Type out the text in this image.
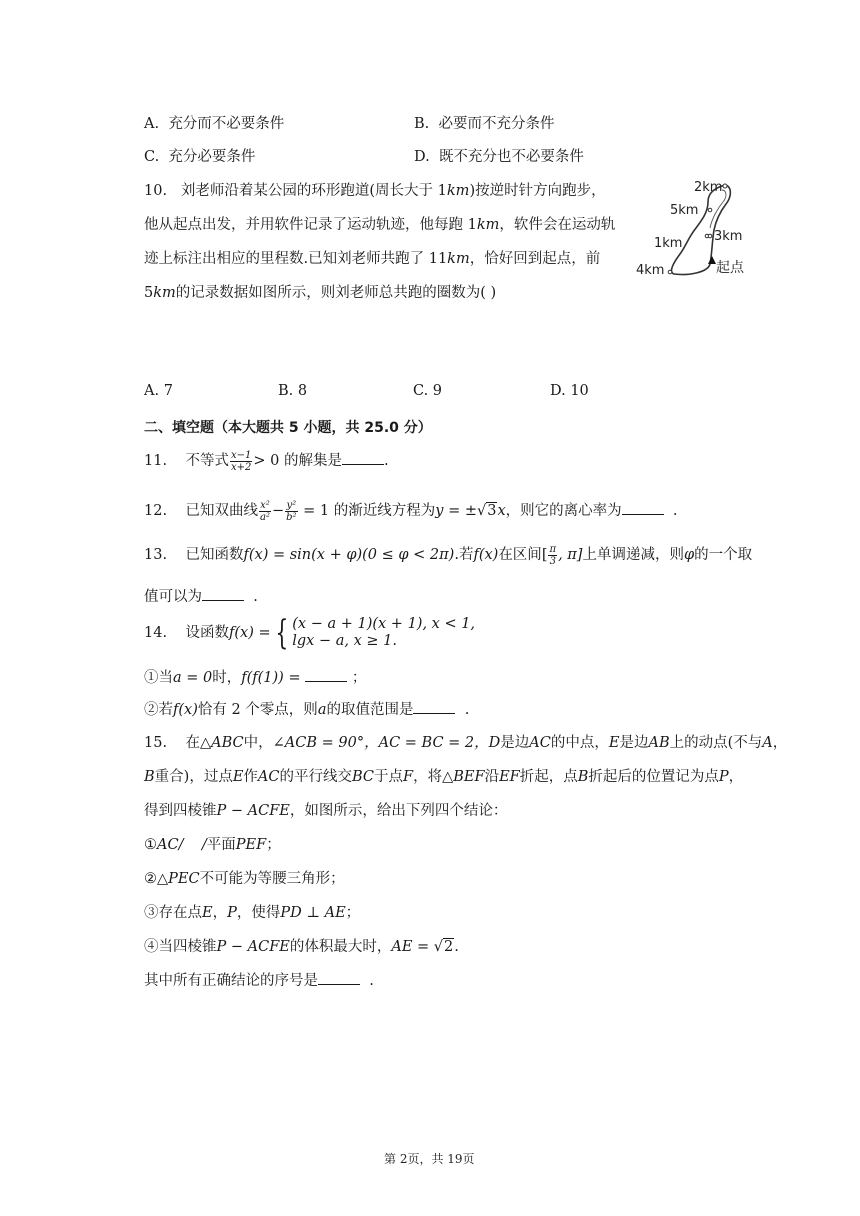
A. 充分而不必要条件	B. 必要而不充分条件
C. 充分必要条件	D. 既不充分也不必要条件
10. 刘老师沿着某公园的环形跑道(周长大于 1km)按逆时针方向跑步，
他从起点出发，并用软件记录了运动轨迹，他每跑 1km，软件会在运动轨
迹上标注出相应的里程数.已知刘老师共跑了 11km，恰好回到起点，前
5km的记录数据如图所示，则刘老师总共跑的圈数为( )
2km
5km
1km 3km
4km	起点
A. 7	B. 8	C. 9	D. 10
二、填空题（本大题共 5 小题，共 25.0 分）
11. 不等式 $\frac{x-1}{x+2} > 0$ 的解集是	.
12. 已知双曲线 $\frac{\text{x²}}{\text{a²}} - \frac{\text{y²}}{\text{b²}} = 1$ 的渐近线方程为y = ±√3x，则它的离心率为	.
13. 已知函数f(x) = sin(x + φ)(0 ≤ φ < 2π).若f(x)在区间[ $\frac{\pi}{3}$ , π]上单调递减，则φ的一个取
值可以为	.
14. 设函数f(x) = { (x − a + 1)(x + 1), x < 1,
lgx − a, x ≥ 1.
①当a = 0时，f(f(1)) =	；
②若f(x)恰有 2 个零点，则a的取值范围是	.
15. 在△ABC中，∠ACB = 90°，AC = BC = 2，D是边AC的中点，E是边AB上的动点(不与A，
B重合)，过点E作AC的平行线交BC于点F，将△BEF沿EF折起，点B折起后的位置记为点P，
得到四棱锥P − ACFE，如图所示，给出下列四个结论：
①AC/    /平面PEF；
②△PEC不可能为等腰三角形；
③存在点E，P，使得PD ⊥ AE；
④当四棱锥P − ACFE的体积最大时，AE = √2.
其中所有正确结论的序号是	.
第 2页，共 19页
